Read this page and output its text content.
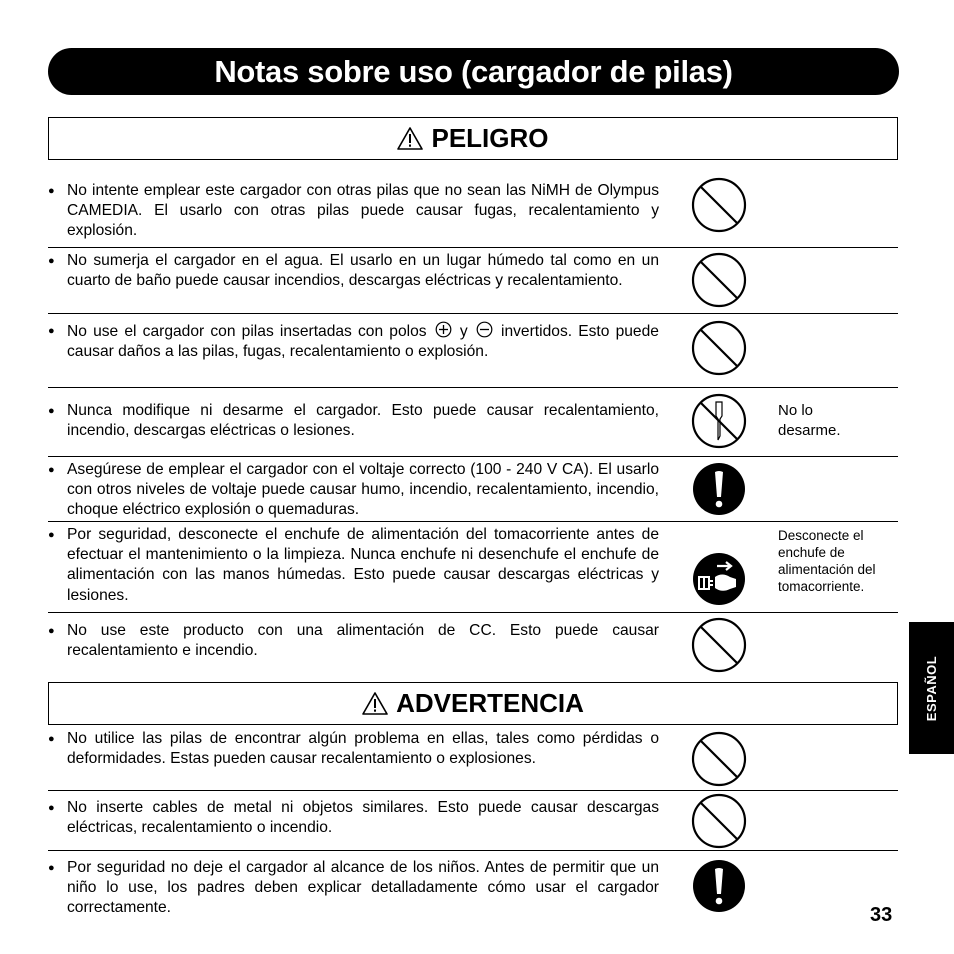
Notas sobre uso (cargador de pilas)
PELIGRO
● No intente emplear este cargador con otras pilas que no sean las NiMH de Olympus CAMEDIA. El usarlo con otras pilas puede causar fugas, recalentamiento y explosión.
● No sumerja el cargador en el agua. El usarlo en un lugar húmedo tal como en un cuarto de baño puede causar incendios, descargas eléctricas y recalentamiento.
● No use el cargador con pilas insertadas con polos y invertidos. Esto puede causar daños a las pilas, fugas, recalentamiento o explosión.
● Nunca modifique ni desarme el cargador. Esto puede causar recalentamiento, incendio, descargas eléctricas o lesiones.
No lo desarme.
● Asegúrese de emplear el cargador con el voltaje correcto (100 - 240 V CA). El usarlo con otros niveles de voltaje puede causar humo, incendio, recalentamiento, incendio, choque eléctrico explosión o quemaduras.
● Por seguridad, desconecte el enchufe de alimentación del tomacorriente antes de efectuar el mantenimiento o la limpieza. Nunca enchufe ni desenchufe el enchufe de alimentación con las manos húmedas. Esto puede causar descargas eléctricas y lesiones.
Desconecte el enchufe de alimentación del tomacorriente.
● No use este producto con una alimentación de CC. Esto puede causar recalentamiento e incendio.
ADVERTENCIA
● No utilice las pilas de encontrar algún problema en ellas, tales como pérdidas o deformidades. Estas pueden causar recalentamiento o explosiones.
● No inserte cables de metal ni objetos similares. Esto puede causar descargas eléctricas, recalentamiento o incendio.
● Por seguridad no deje el cargador al alcance de los niños. Antes de permitir que un niño lo use, los padres deben explicar detalladamente cómo usar el cargador correctamente.
ESPAÑOL
33
